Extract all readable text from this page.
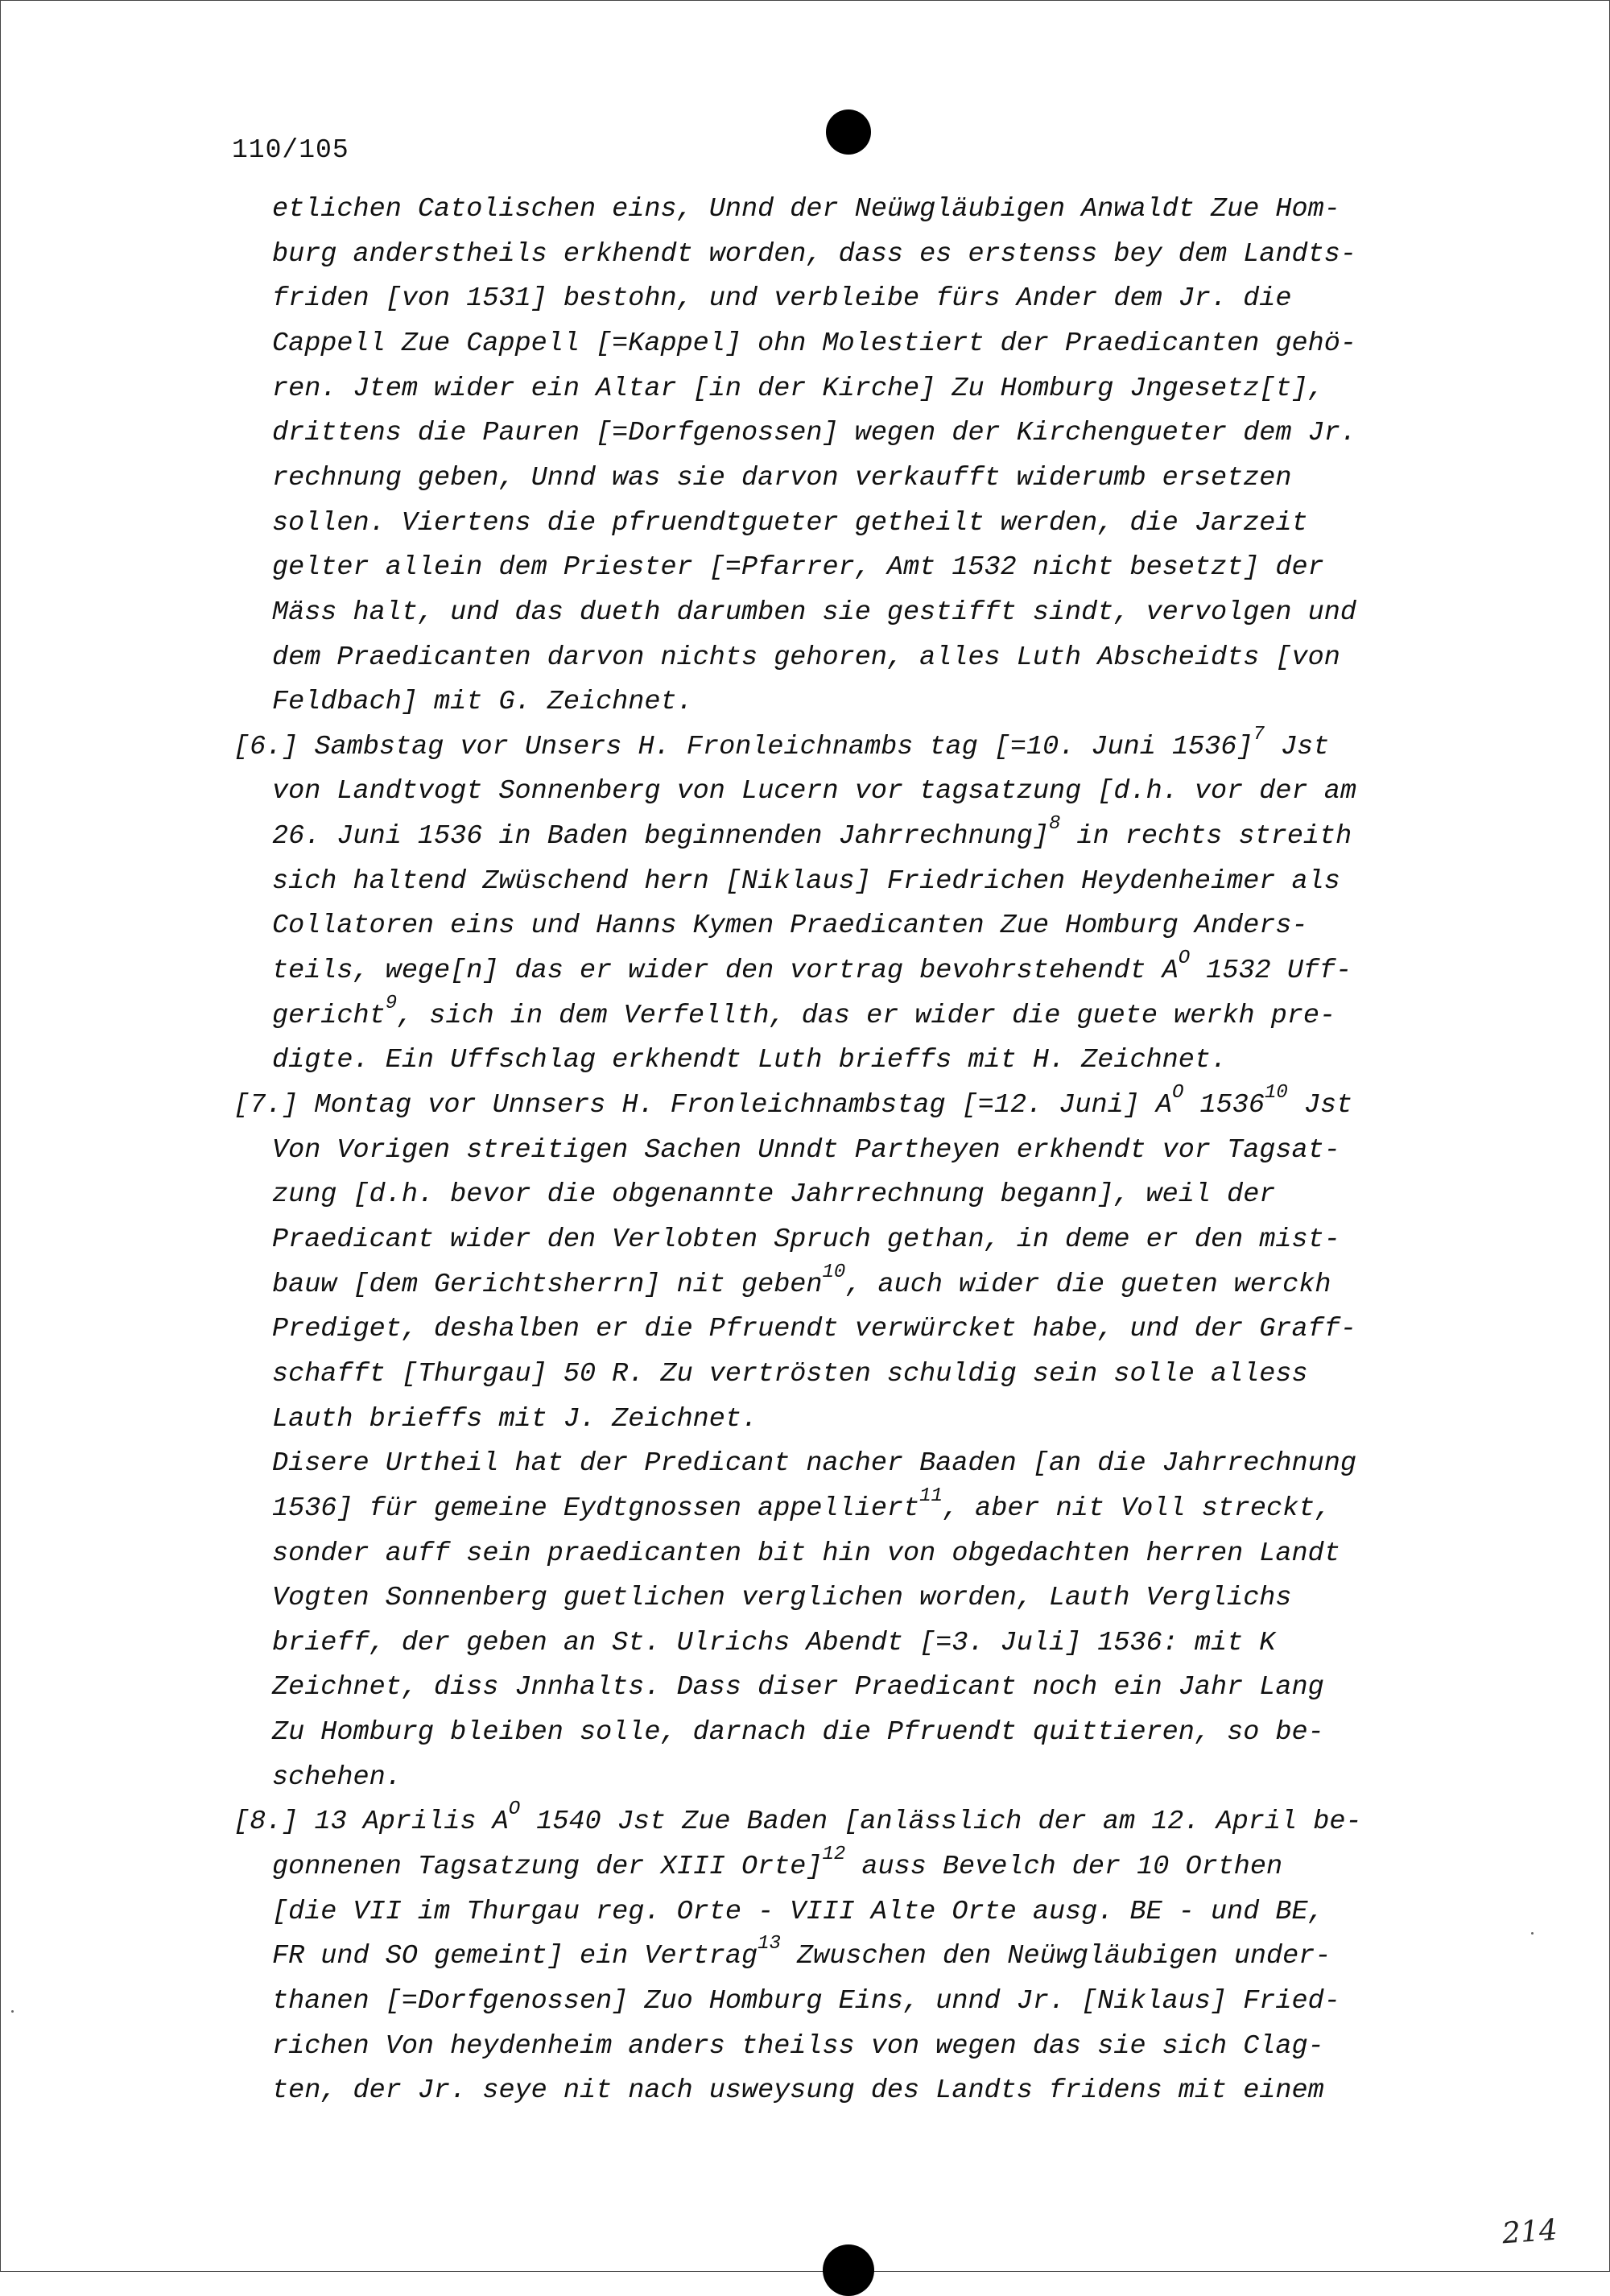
110/105
etlichen Catolischen eins, Unnd der Neüwgläubigen Anwaldt Zue Hom-
burg anderstheils erkhendt worden, dass es erstenss bey dem Landts-
friden [von 1531] bestohn, und verbleibe fürs Ander dem Jr. die
Cappell Zue Cappell [=Kappel] ohn Molestiert der Praedicanten gehö-
ren. Jtem wider ein Altar [in der Kirche] Zu Homburg Jngesetz[t],
drittens die Pauren [=Dorfgenossen] wegen der Kirchengueter dem Jr.
rechnung geben, Unnd was sie darvon verkaufft widerumb ersetzen
sollen. Viertens die pfruendtgueter getheilt werden, die Jarzeit
gelter allein dem Priester [=Pfarrer, Amt 1532 nicht besetzt] der
Mäss halt, und das dueth darumben sie gestifft sindt, vervolgen und
dem Praedicanten darvon nichts gehoren, alles Luth Abscheidts [von
Feldbach] mit G. Zeichnet.
[6.] Sambstag vor Unsers H. Fronleichnambs tag [=10. Juni 1536]$^7$ Jst
von Landtvogt Sonnenberg von Lucern vor tagsatzung [d.h. vor der am
26. Juni 1536 in Baden beginnenden Jahrrechnung]$^8$ in rechts streith
sich haltend Zwüschend hern [Niklaus] Friedrichen Heydenheimer als
Collatoren eins und Hanns Kymen Praedicanten Zue Homburg Anders-
teils, wege[n] das er wider den vortrag bevohrstehendt $A^O$ 1532 Uff-
gericht$^9$, sich in dem Verfellth, das er wider die guete werkh pre-
digte. Ein Uffschlag erkhendt Luth brieffs mit H. Zeichnet.
[7.] Montag vor Unnsers H. Fronleichnambstag [=12. Juni] $A^O$ 1536$^{10}$ Jst
Von Vorigen streitigen Sachen Unndt Partheyen erkhendt vor Tagsat-
zung [d.h. bevor die obgenannte Jahrrechnung begann], weil der
Praedicant wider den Verlobten Spruch gethan, in deme er den mist-
bauw [dem Gerichtsherrn] nit geben$^{10}$, auch wider die gueten werckh
Prediget, deshalben er die Pfruendt verwürcket habe, und der Graff-
schafft [Thurgau] 50 R. Zu vertrösten schuldig sein solle alless
Lauth brieffs mit J. Zeichnet.
Disere Urtheil hat der Predicant nacher Baaden [an die Jahrrechnung
1536] für gemeine Eydtgnossen appelliert$^{11}$, aber nit Voll streckt,
sonder auff sein praedicanten bit hin von obgedachten herren Landt
Vogten Sonnenberg guetlichen verglichen worden, Lauth Verglichs
brieff, der geben an St. Ulrichs Abendt [=3. Juli] 1536: mit K
Zeichnet, diss Jnnhalts. Dass diser Praedicant noch ein Jahr Lang
Zu Homburg bleiben solle, darnach die Pfruendt quittieren, so be-
schehen.
[8.] 13 Aprilis $A^O$ 1540 Jst Zue Baden [anlässlich der am 12. April be-
gonnenen Tagsatzung der XIII Orte]$^{12}$ auss Bevelch der 10 Orthen
[die VII im Thurgau reg. Orte - VIII Alte Orte ausg. BE - und BE,
FR und SO gemeint] ein Vertrag$^{13}$ Zwuschen den Neüwgläubigen under-
thanen [=Dorfgenossen] Zuo Homburg Eins, unnd Jr. [Niklaus] Fried-
richen Von heydenheim anders theilss von wegen das sie sich Clag-
ten, der Jr. seye nit nach usweysung des Landts fridens mit einem
214
